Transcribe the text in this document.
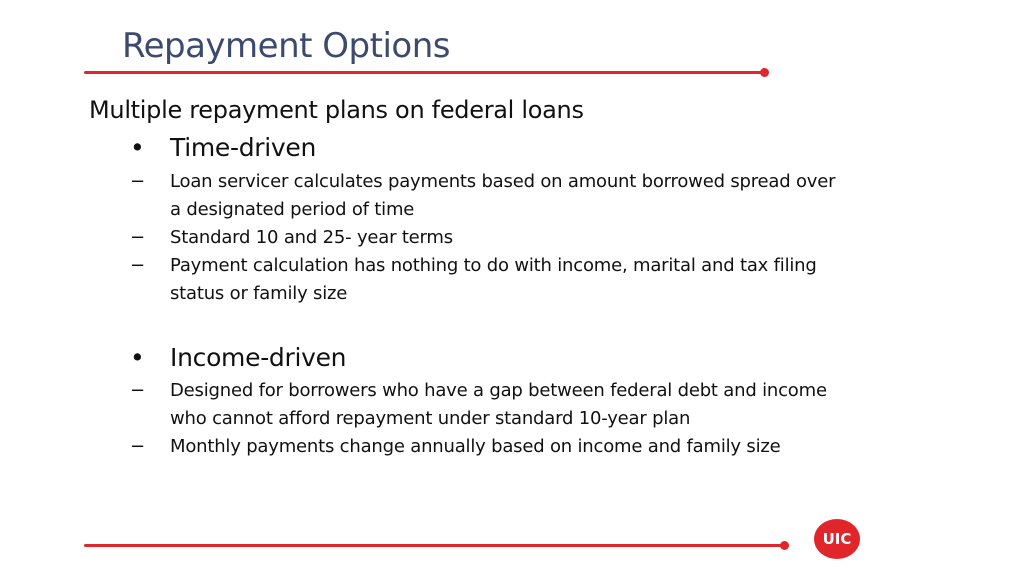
Repayment Options
Multiple repayment plans on federal loans
• Time-driven
−	Loan servicer calculates payments based on amount borrowed spread over a designated period of time
−	Standard 10 and 25- year terms
−	Payment calculation has nothing to do with income, marital and tax filing status or family size
• Income-driven
−	Designed for borrowers who have a gap between federal debt and income who cannot afford repayment under standard 10-year plan
−	Monthly payments change annually based on income and family size
UIC
